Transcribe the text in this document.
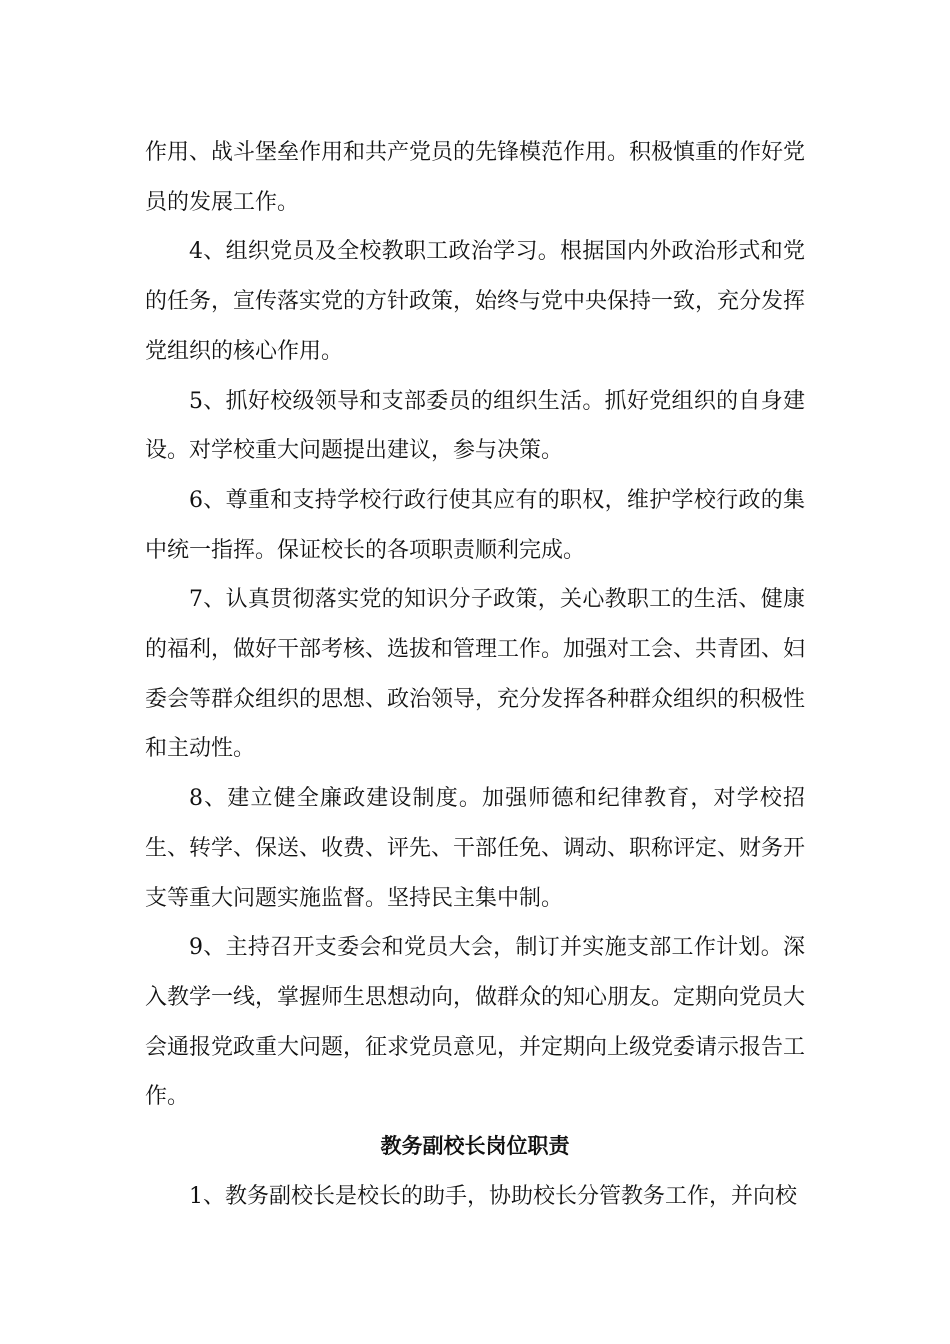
作用、战斗堡垒作用和共产党员的先锋模范作用。积极慎重的作好党员的发展工作。

4、组织党员及全校教职工政治学习。根据国内外政治形式和党的任务，宣传落实党的方针政策，始终与党中央保持一致，充分发挥党组织的核心作用。

5、抓好校级领导和支部委员的组织生活。抓好党组织的自身建设。对学校重大问题提出建议，参与决策。

6、尊重和支持学校行政行使其应有的职权，维护学校行政的集中统一指挥。保证校长的各项职责顺利完成。

7、认真贯彻落实党的知识分子政策，关心教职工的生活、健康的福利，做好干部考核、选拔和管理工作。加强对工会、共青团、妇委会等群众组织的思想、政治领导，充分发挥各种群众组织的积极性和主动性。

8、建立健全廉政建设制度。加强师德和纪律教育，对学校招生、转学、保送、收费、评先、干部任免、调动、职称评定、财务开支等重大问题实施监督。坚持民主集中制。

9、主持召开支委会和党员大会，制订并实施支部工作计划。深入教学一线，掌握师生思想动向，做群众的知心朋友。定期向党员大会通报党政重大问题，征求党员意见，并定期向上级党委请示报告工作。

教务副校长岗位职责

1、教务副校长是校长的助手，协助校长分管教务工作，并向校
